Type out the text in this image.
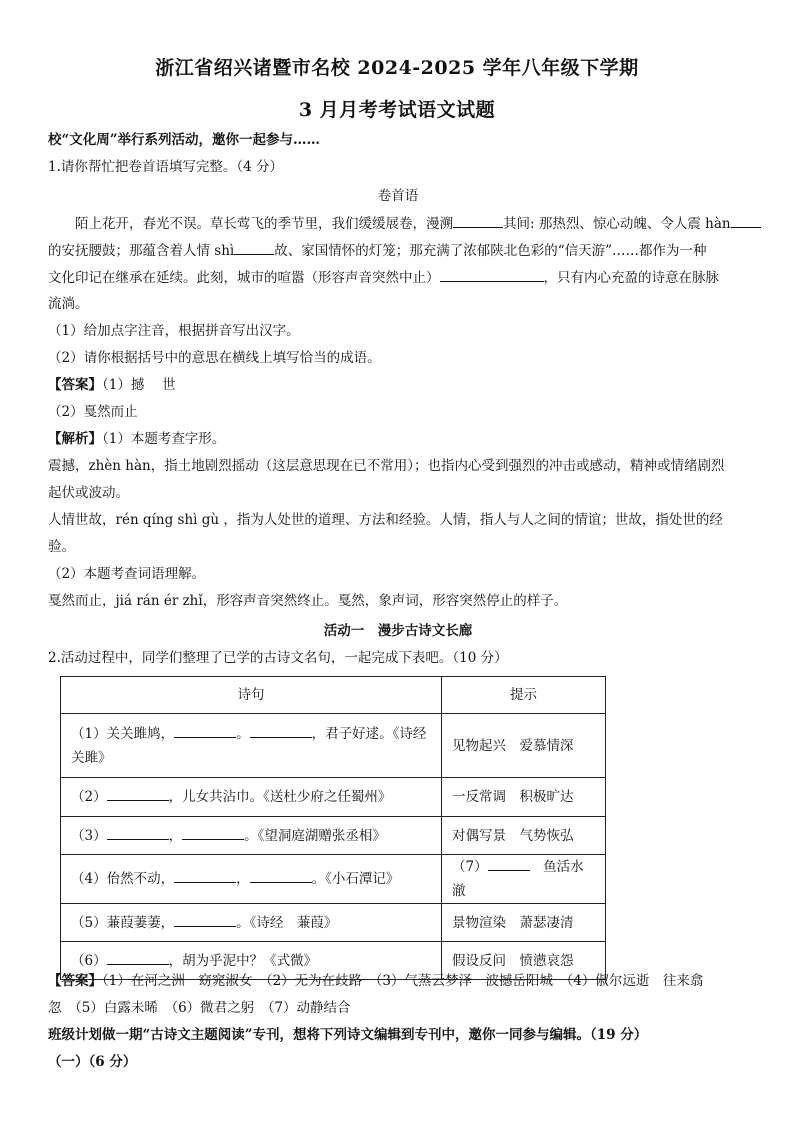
浙江省绍兴诸暨市名校 2024-2025 学年八年级下学期
3 月月考考试语文试题
校“文化周”举行系列活动，邀你一起参与……
1.请你帮忙把卷首语填写完整。（4 分）
卷首语
陌上花开，春光不误。草长莺飞的季节里，我们缓缓展卷，漫溯	其间: 那热烈、惊心动魄、令人震 hàn
的安抚腰鼓；那蕴含着人情 shì	故、家国情怀的灯笼；那充满了浓郁陕北色彩的“信天游”……都作为一种
文化印记在继承在延续。此刻，城市的喧嚣（形容声音突然中止）	，只有内心充盈的诗意在脉脉
流淌。
（1）给加点字注音，根据拼音写出汉字。
（2）请你根据括号中的意思在横线上填写恰当的成语。
【答案】（1）撼　 世
（2）戛然而止
【解析】（1）本题考查字形。
震撼，zhèn hàn，指土地剧烈摇动（这层意思现在已不常用）；也指内心受到强烈的冲击或感动，精神或情绪剧烈
起伏或波动。
人情世故，rén qíng shì gù ，指为人处世的道理、方法和经验。人情，指人与人之间的情谊；世故，指处世的经
验。
（2）本题考查词语理解。
戛然而止，jiá rán ér zhǐ，形容声音突然终止。戛然，象声词，形容突然停止的样子。
活动一　漫步古诗文长廊
2.活动过程中，同学们整理了已学的古诗文名句，一起完成下表吧。（10 分）
诗句	提示
（1）关关雎鸠， 。 ，君子好逑。《诗经
关雎》	见物起兴　爱慕情深
（2） ，儿女共沾巾。《送杜少府之任蜀州》	一反常调　积极旷达
（3） ， 。《望洞庭湖赠张丞相》	对偶写景　气势恢弘
（4）佁然不动， ， 。《小石潭记》	（7）　 鱼活水澈
（5）蒹葭萋萋， 。《诗经　蒹葭》	景物渲染　萧瑟凄清
（6） ，胡为乎泥中？《式微》	假设反问　愤懑哀怨
【答案】（1）在河之洲　窈窕淑女　（2）无为在歧路　（3）气蒸云梦泽　波撼岳阳城　（4）俶尔远逝　往来翕
忽　（5）白露未晞　（6）微君之躬　（7）动静结合
班级计划做一期“古诗文主题阅读”专刊，想将下列诗文编辑到专刊中，邀你一同参与编辑。（19 分）
（一）（6 分）
